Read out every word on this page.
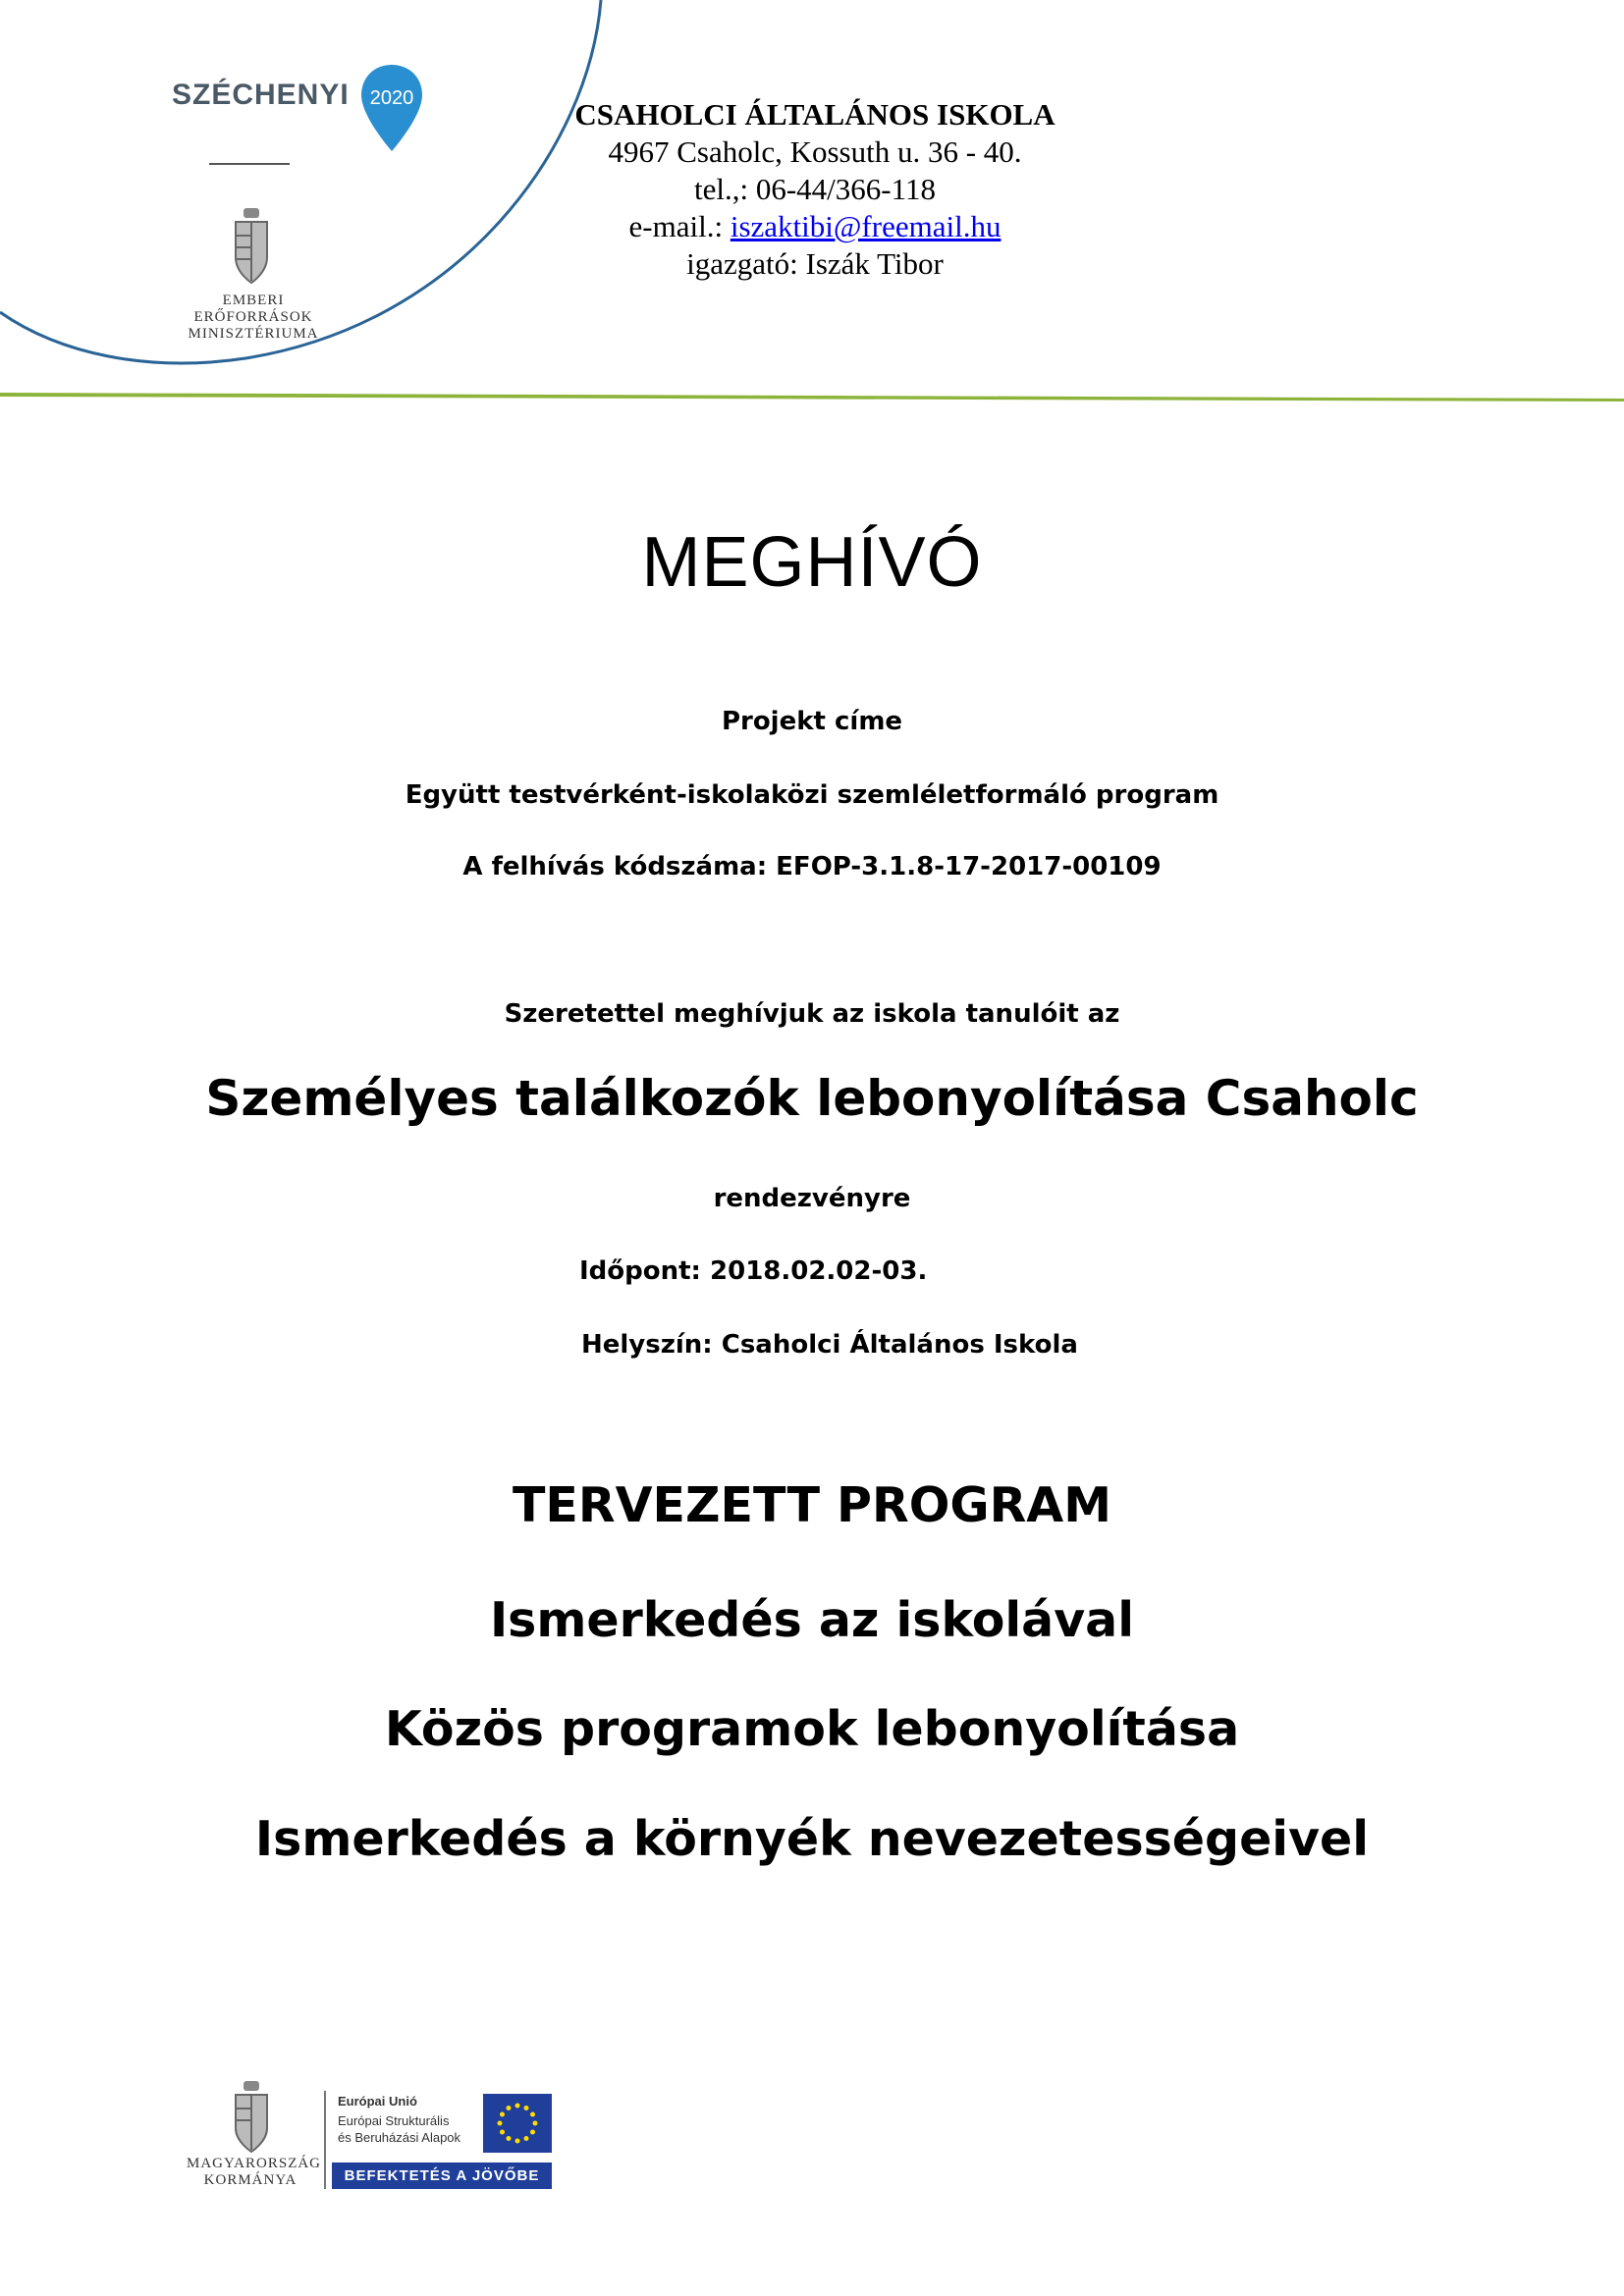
SZÉCHENYI 2020
EMBERI ERŐFORRÁSOK
MINISZTÉRIUMA
CSAHOLCI ÁLTALÁNOS ISKOLA
4967 Csaholc, Kossuth u. 36 - 40.
tel.,: 06-44/366-118
e-mail.: iszaktibi@freemail.hu
igazgató: Iszák Tibor
MEGHÍVÓ
Projekt címe
Együtt testvérként-iskolaközi szemléletformáló program
A felhívás kódszáma: EFOP-3.1.8-17-2017-00109
Szeretettel meghívjuk az iskola tanulóit az
Személyes találkozók lebonyolítása Csaholc
rendezvényre
Időpont: 2018.02.02-03.
Helyszín: Csaholci Általános Iskola
TERVEZETT PROGRAM
Ismerkedés az iskolával
Közös programok lebonyolítása
Ismerkedés a környék nevezetességeivel
MAGYARORSZÁG
KORMÁNYA
Európai Unió
Európai Strukturális
és Beruházási Alapok
BEFEKTETÉS A JÖVŐBE
